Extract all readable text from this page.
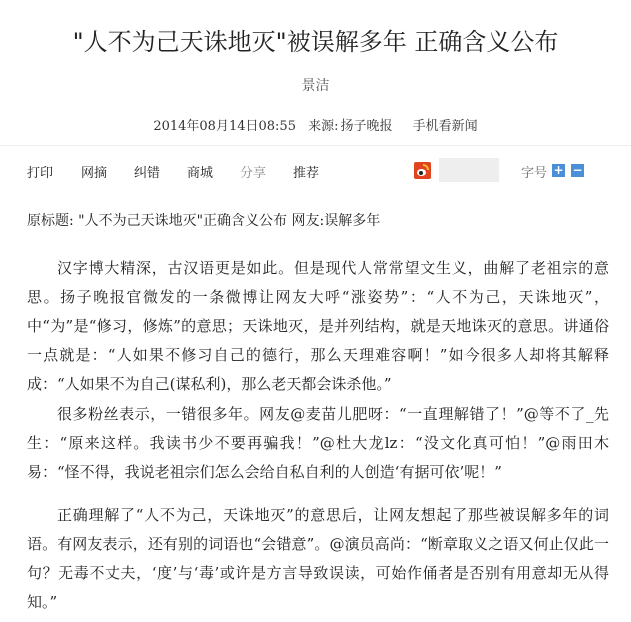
"人不为己天诛地灭"被误解多年 正确含义公布
景洁
2014年08月14日08:55 来源: 扬子晚报 手机看新闻
打印 网摘 纠错 商城 分享 推荐	字号 + −
原标题: "人不为己天诛地灭"正确含义公布 网友:误解多年

汉字博大精深，古汉语更是如此。但是现代人常常望文生义，曲解了老祖宗的意思。扬子晚报官微发的一条微博让网友大呼“涨姿势”：“人不为己，天诛地灭”，中“为”是“修习，修炼”的意思；天诛地灭，是并列结构，就是天地诛灭的意思。讲通俗一点就是：“人如果不修习自己的德行，那么天理难容啊！”如今很多人却将其解释成：“人如果不为自己(谋私利)，那么老天都会诛杀他。”

很多粉丝表示，一错很多年。网友@麦苗儿肥呀：“一直理解错了！”@等不了_先生：“原来这样。我读书少不要再骗我！”@杜大龙lz：“没文化真可怕！”@雨田木易：“怪不得，我说老祖宗们怎么会给自私自利的人创造‘有据可依’呢！”

正确理解了“人不为己，天诛地灭”的意思后，让网友想起了那些被误解多年的词语。有网友表示，还有别的词语也“会错意”。@演员高尚：“断章取义之语又何止仅此一句？无毒不丈夫，‘度’与‘毒’或许是方言导致误读，可始作俑者是否别有用意却无从得知。”
